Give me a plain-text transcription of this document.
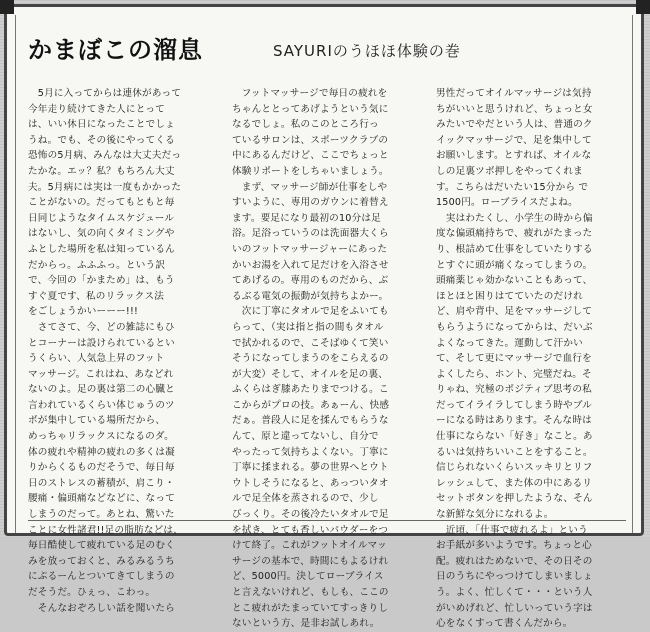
かまぼこの溜息	SAYURIのうほほ体験の巻
　5月に入ってからは連休があって
今年走り続けてきた人にとって
は、いい休日になったことでしょ
うね。でも、その後にやってくる
恐怖の5月病、みんなは大丈夫だっ
たかな。エッ？私？もちろん大丈
夫。5月病には実は一度もかかった
ことがないの。だってもともと毎
日同じようなタイムスケジュール
はないし、気の向くタイミングや
ふとした場所を私は知っているん
だからっ。ふふふっ。という訳
で、今回の「かまため」は、もう
すぐ夏です、私のリラックス法
をごしょうかいーーー!!!
　さてさて、今、どの雑誌にもひ
とコーナーは設けられているとい
うくらい、人気急上昇のフット
マッサージ。これはね、あなどれ
ないのよ。足の裏は第二の心臓と
言われているくらい体じゅうのツ
ボが集中している場所だから、
めっちゃリラックスになるのダ。
体の疲れや精神の疲れの多くは凝
りからくるものだそうで、毎日毎
日のストレスの蓄積が、肩こり・
腰痛・偏頭痛などなどに、なって
しまうのだって。あとね、驚いた
ことに女性諸君!!足の脂肪などは、
毎日酷使して疲れている足のむく
みを放っておくと、みるみるうち
にぷるーんとついてきてしまうの
だそうだ。ひぇっ、こわっ。
　そんなおぞろしい話を聞いたら
　フットマッサージで毎日の疲れを
ちゃんととってあげようという気に
なるでしょ。私のこのところ行っ
ているサロンは、スポーツクラブの
中にあるんだけど、ここでちょっと
体験リポートをしちゃいましょう。
　まず、マッサージ師が仕事をしや
すいように、専用のガウンに着替え
ます。要足になり最初の10分は足
浴。足浴っていうのは洗面器大くら
いのフットマッサージャーにあった
かいお湯を入れて足だけを入浴させ
てあげるの。専用のものだから、ぶ
るぶる電気の振動が気持ちよかー。
　次に丁寧にタオルで足をふいても
らって、（実は指と指の間もタオル
で拭かれるので、こそばゆくて笑い
そうになってしまうのをこらえるの
が大変）そして、オイルを足の裏、
ふくらはぎ膝あたりまでつける。こ
こからがプロの技。あぁーん、快感
だぁ。普段人に足を揉んでもらうな
んて、原と違ってないし、自分で
やったって気持ちよくない。丁寧に
丁寧に揉まれる。夢の世界へとウト
ウトしそうになると、あっついタオ
ルで足全体を蒸されるので、少し
びっくり。その後冷たいタオルで足
を拭き、とても香しいパウダーをつ
けて終了。これがフットオイルマッ
サージの基本で、時間にもよるけれ
ど、5000円。決してローブライス
と言えないけれど、もしも、ここの
とこ疲れがたまっていてすっきりし
ないという方、是非お試しあれ。
男性だってオイルマッサージは気持
ちがいいと思うけれど、ちょっと女
みたいでやだという人は、普通のク
イックマッサージで、足を集中して
お願いします。とすれば、オイルな
しの足裏ツボ押しをやってくれま
す。こちらはだいたい15分から で
1500円。ローブライスだよね。
　実はわたくし、小学生の時から偏
度な偏頭痛持ちで、疲れがたまった
り、根詰めて仕事をしていたりする
とすぐに頭が痛くなってしまうの。
頭痛薬じゃ効かないこともあって、
ほとほと困りはてていたのだけれ
ど、肩や背中、足をマッサージして
もらうようになってからは、だいぶ
よくなってきた。運動して汗かい
て、そして更にマッサージで血行を
よくしたら、ホント、完璧だね。そ
りゃね、究極のポジティブ思考の私
だってイライラしてしまう時やブル
ーになる時はあります。そんな時は
仕事にならない「好き」なこと。あ
るいは気持ちいいことをすること。
信じられないくらいスッキリとリフ
レッシュして、また体の中にあるリ
セットボタンを押したような、そん
な新鮮な気分になれるよ。
　近頃、「仕事で疲れるよ」という
お手紙が多いようです。ちょっと心
配。疲れはためないで、その日その
日のうちにやっつけてしまいましょ
う。よく、忙しくて・・・という人
がいめげれど、忙しいっていう字は
心をなくすって書くんだから。
